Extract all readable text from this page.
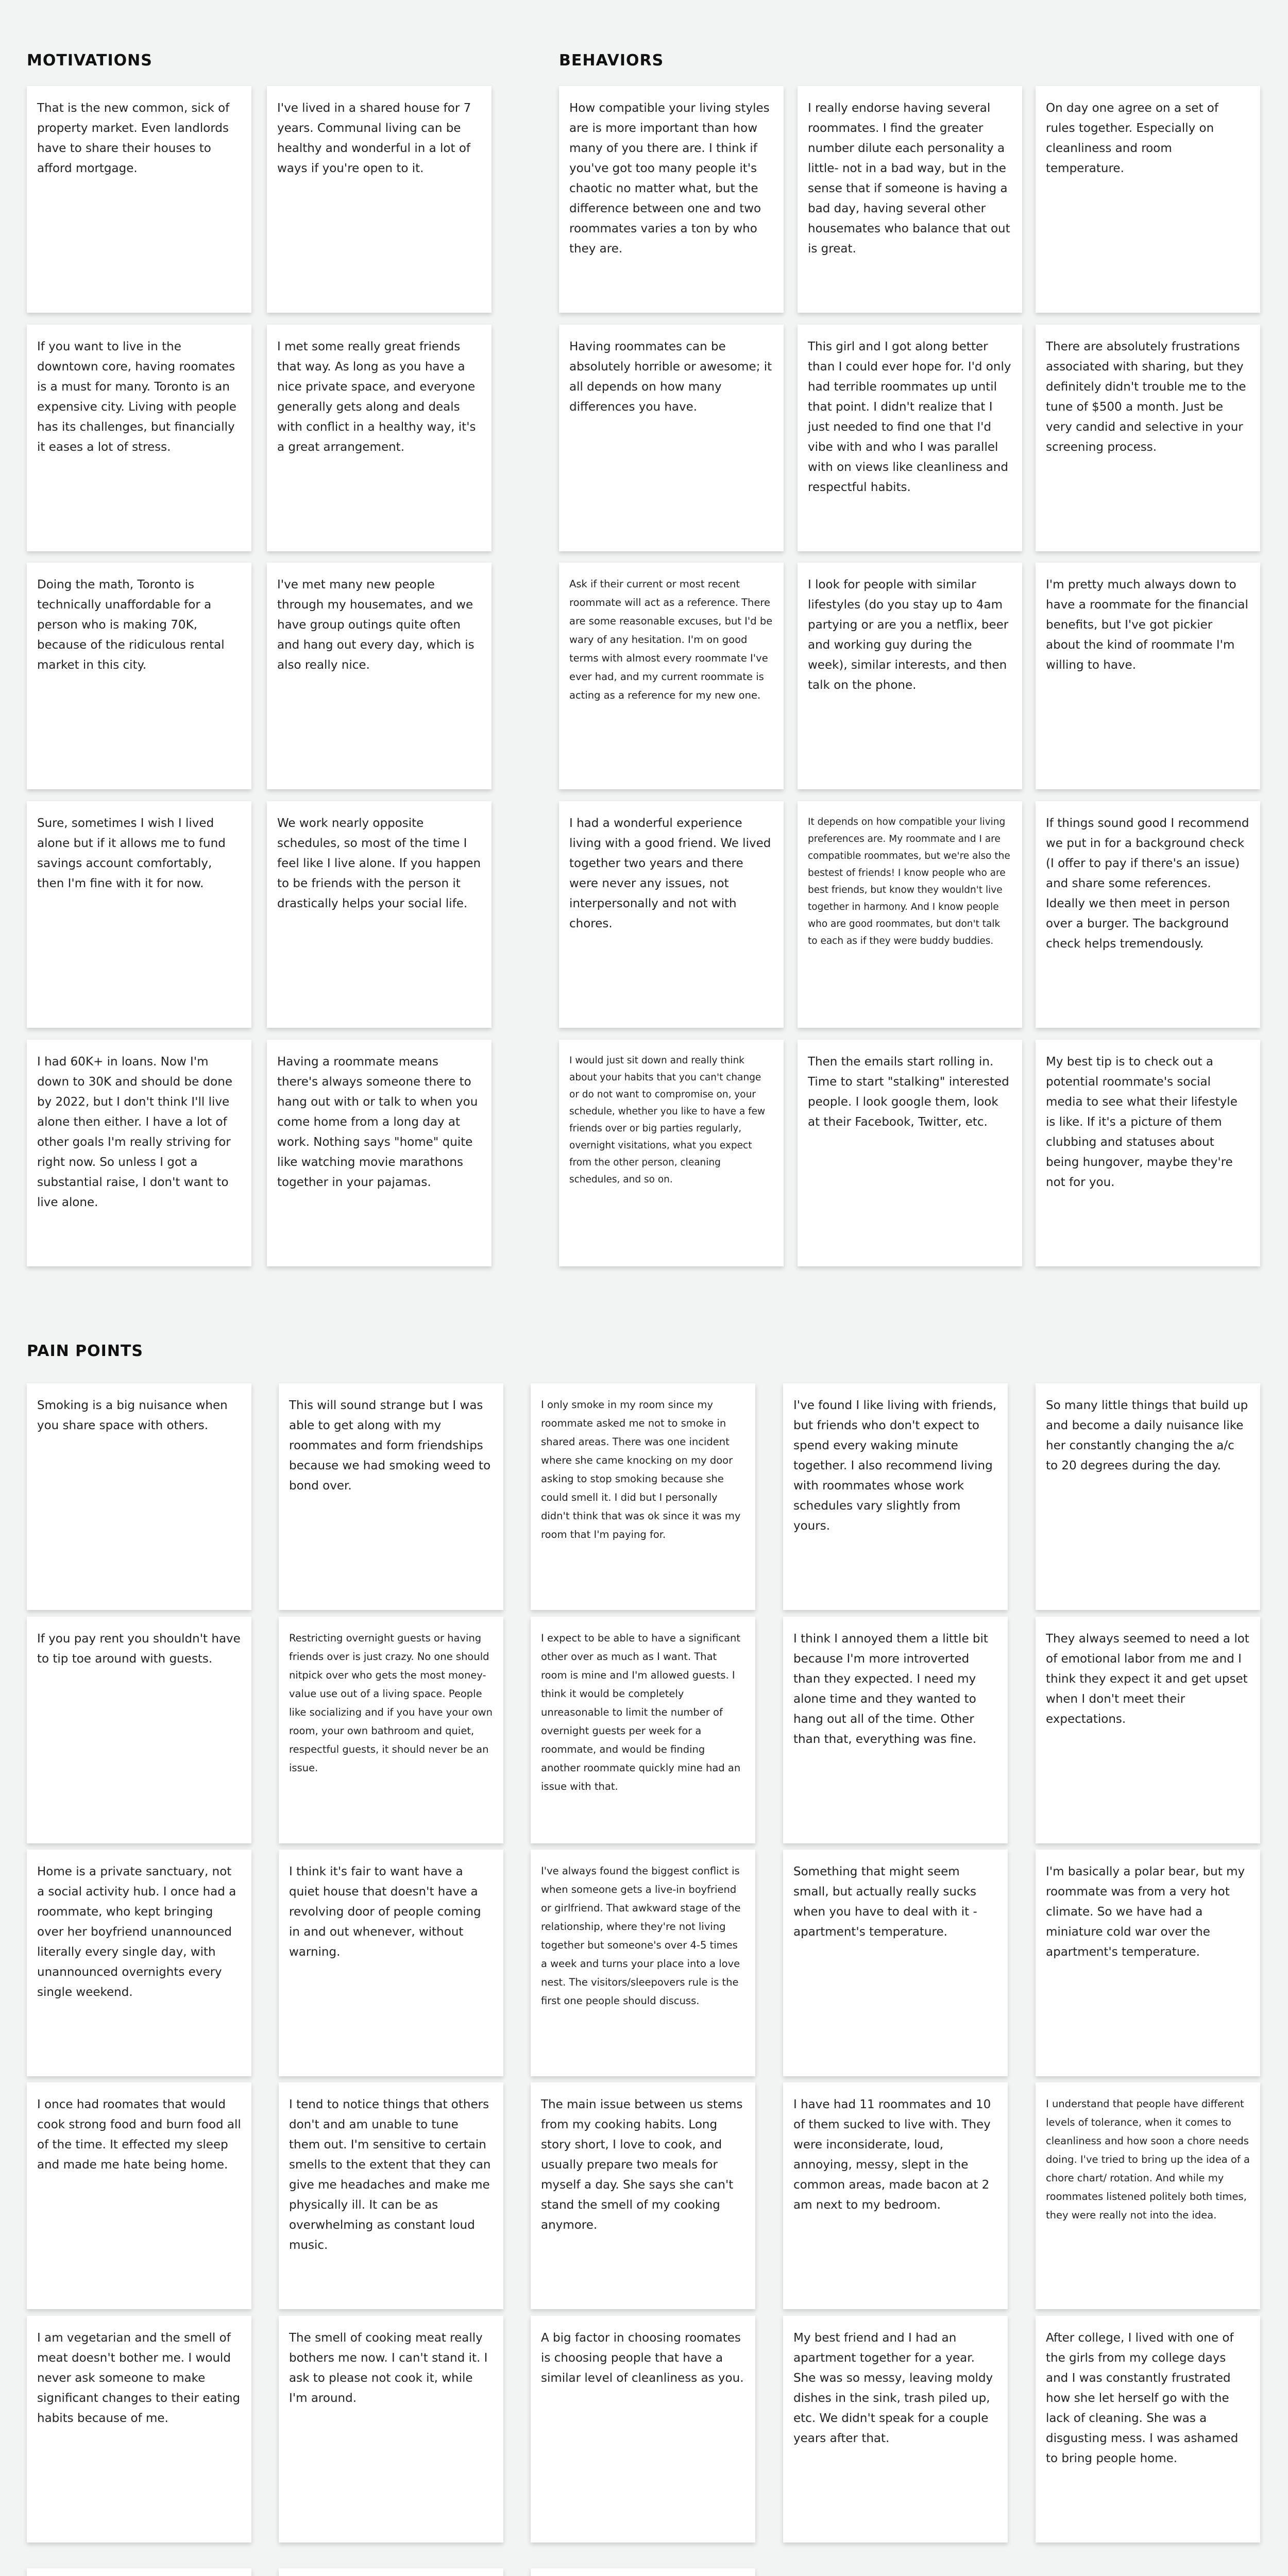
MOTIVATIONS
That is the new common, sick of property market. Even landlords have to share their houses to afford mortgage.
I've lived in a shared house for 7 years. Communal living can be healthy and wonderful in a lot of ways if you're open to it.
If you want to live in the downtown core, having roomates is a must for many. Toronto is an expensive city. Living with people has its challenges, but financially it eases a lot of stress.
I met some really great friends that way. As long as you have a nice private space, and everyone generally gets along and deals with conflict in a healthy way, it's a great arrangement.
Doing the math, Toronto is technically unaffordable for a person who is making 70K, because of the ridiculous rental market in this city.
I've met many new people through my housemates, and we have group outings quite often and hang out every day, which is also really nice.
Sure, sometimes I wish I lived alone but if it allows me to fund savings account comfortably, then I'm fine with it for now.
We work nearly opposite schedules, so most of the time I feel like I live alone. If you happen to be friends with the person it drastically helps your social life.
I had 60K+ in loans. Now I'm down to 30K and should be done by 2022, but I don't think I'll live alone then either. I have a lot of other goals I'm really striving for right now. So unless I got a substantial raise, I don't want to live alone.
Having a roommate means there's always someone there to hang out with or talk to when you come home from a long day at work. Nothing says "home" quite like watching movie marathons together in your pajamas.
BEHAVIORS
How compatible your living styles are is more important than how many of you there are. I think if you've got too many people it's chaotic no matter what, but the difference between one and two roommates varies a ton by who they are.
I really endorse having several roommates. I find the greater number dilute each personality a little- not in a bad way, but in the sense that if someone is having a bad day, having several other housemates who balance that out is great.
On day one agree on a set of rules together. Especially on cleanliness and room temperature.
Having roommates can be absolutely horrible or awesome; it all depends on how many differences you have.
This girl and I got along better than I could ever hope for. I'd only had terrible roommates up until that point. I didn't realize that I just needed to find one that I'd vibe with and who I was parallel with on views like cleanliness and respectful habits.
There are absolutely frustrations associated with sharing, but they definitely didn't trouble me to the tune of $500 a month. Just be very candid and selective in your screening process.
Ask if their current or most recent roommate will act as a reference. There are some reasonable excuses, but I'd be wary of any hesitation. I'm on good terms with almost every roommate I've ever had, and my current roommate is acting as a reference for my new one.
I look for people with similar lifestyles (do you stay up to 4am partying or are you a netflix, beer and working guy during the week), similar interests, and then talk on the phone.
I'm pretty much always down to have a roommate for the financial benefits, but I've got pickier about the kind of roommate I'm willing to have.
I had a wonderful experience living with a good friend. We lived together two years and there were never any issues, not interpersonally and not with chores.
It depends on how compatible your living preferences are. My roommate and I are compatible roommates, but we're also the bestest of friends! I know people who are best friends, but know they wouldn't live together in harmony. And I know people who are good roommates, but don't talk to each as if they were buddy buddies.
If things sound good I recommend we put in for a background check (I offer to pay if there's an issue) and share some references. Ideally we then meet in person over a burger. The background check helps tremendously.
I would just sit down and really think about your habits that you can't change or do not want to compromise on, your schedule, whether you like to have a few friends over or big parties regularly, overnight visitations, what you expect from the other person, cleaning schedules, and so on.
Then the emails start rolling in. Time to start "stalking" interested people. I look google them, look at their Facebook, Twitter, etc.
My best tip is to check out a potential roommate's social media to see what their lifestyle is like. If it's a picture of them clubbing and statuses about being hungover, maybe they're not for you.
PAIN POINTS
Smoking is a big nuisance when you share space with others.
This will sound strange but I was able to get along with my roommates and form friendships because we had smoking weed to bond over.
I only smoke in my room since my roommate asked me not to smoke in shared areas. There was one incident where she came knocking on my door asking to stop smoking because she could smell it. I did but I personally didn't think that was ok since it was my room that I'm paying for.
I've found I like living with friends, but friends who don't expect to spend every waking minute together. I also recommend living with roommates whose work schedules vary slightly from yours.
So many little things that build up and become a daily nuisance like her constantly changing the a/c to 20 degrees during the day.
If you pay rent you shouldn't have to tip toe around with guests.
Restricting overnight guests or having friends over is just crazy. No one should nitpick over who gets the most money-value use out of a living space. People like socializing and if you have your own room, your own bathroom and quiet, respectful guests, it should never be an issue.
I expect to be able to have a significant other over as much as I want. That room is mine and I'm allowed guests. I think it would be completely unreasonable to limit the number of overnight guests per week for a roommate, and would be finding another roommate quickly mine had an issue with that.
I think I annoyed them a little bit because I'm more introverted than they expected. I need my alone time and they wanted to hang out all of the time. Other than that, everything was fine.
They always seemed to need a lot of emotional labor from me and I think they expect it and get upset when I don't meet their expectations.
Home is a private sanctuary, not a social activity hub. I once had a roommate, who kept bringing over her boyfriend unannounced literally every single day, with unannounced overnights every single weekend.
I think it's fair to want have a quiet house that doesn't have a revolving door of people coming in and out whenever, without warning.
I've always found the biggest conflict is when someone gets a live-in boyfriend or girlfriend. That awkward stage of the relationship, where they're not living together but someone's over 4-5 times a week and turns your place into a love nest. The visitors/sleepovers rule is the first one people should discuss.
Something that might seem small, but actually really sucks when you have to deal with it - apartment's temperature.
I'm basically a polar bear, but my roommate was from a very hot climate. So we have had a miniature cold war over the apartment's temperature.
I once had roomates that would cook strong food and burn food all of the time. It effected my sleep and made me hate being home.
I tend to notice things that others don't and am unable to tune them out. I'm sensitive to certain smells to the extent that they can give me headaches and make me physically ill. It can be as overwhelming as constant loud music.
The main issue between us stems from my cooking habits. Long story short, I love to cook, and usually prepare two meals for myself a day. She says she can't stand the smell of my cooking anymore.
I have had 11 roommates and 10 of them sucked to live with. They were inconsiderate, loud, annoying, messy, slept in the common areas, made bacon at 2 am next to my bedroom.
I understand that people have different levels of tolerance, when it comes to cleanliness and how soon a chore needs doing. I've tried to bring up the idea of a chore chart/ rotation. And while my roommates listened politely both times, they were really not into the idea.
I am vegetarian and the smell of meat doesn't bother me. I would never ask someone to make significant changes to their eating habits because of me.
The smell of cooking meat really bothers me now. I can't stand it. I ask to please not cook it, while I'm around.
A big factor in choosing roomates is choosing people that have a similar level of cleanliness as you.
My best friend and I had an apartment together for a year. She was so messy, leaving moldy dishes in the sink, trash piled up, etc. We didn't speak for a couple years after that.
After college, I lived with one of the girls from my college days and I was constantly frustrated how she let herself go with the lack of cleaning. She was a disgusting mess. I was ashamed to bring people home.
